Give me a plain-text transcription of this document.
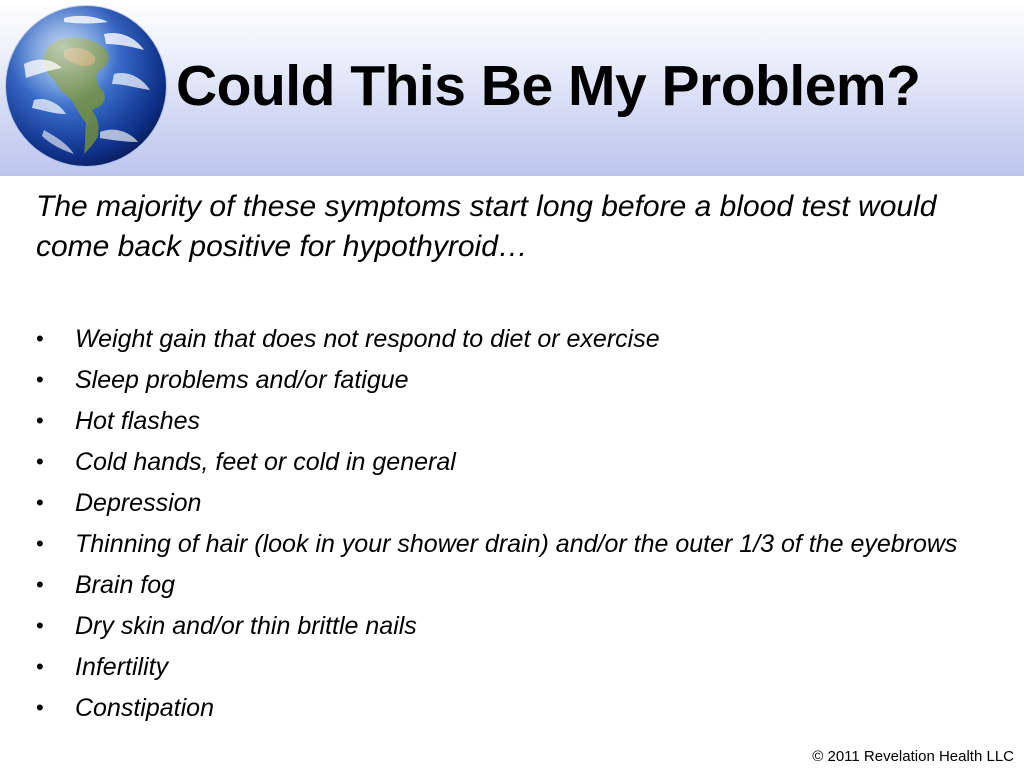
Could This Be My Problem?

The majority of these symptoms start long before a blood test would come back positive for hypothyroid…

• Weight gain that does not respond to diet or exercise
• Sleep problems and/or fatigue
• Hot flashes
• Cold hands, feet or cold in general
• Depression
• Thinning of hair (look in your shower drain) and/or the outer 1/3 of the eyebrows
• Brain fog
• Dry skin and/or thin brittle nails
• Infertility
• Constipation
© 2011 Revelation Health LLC
